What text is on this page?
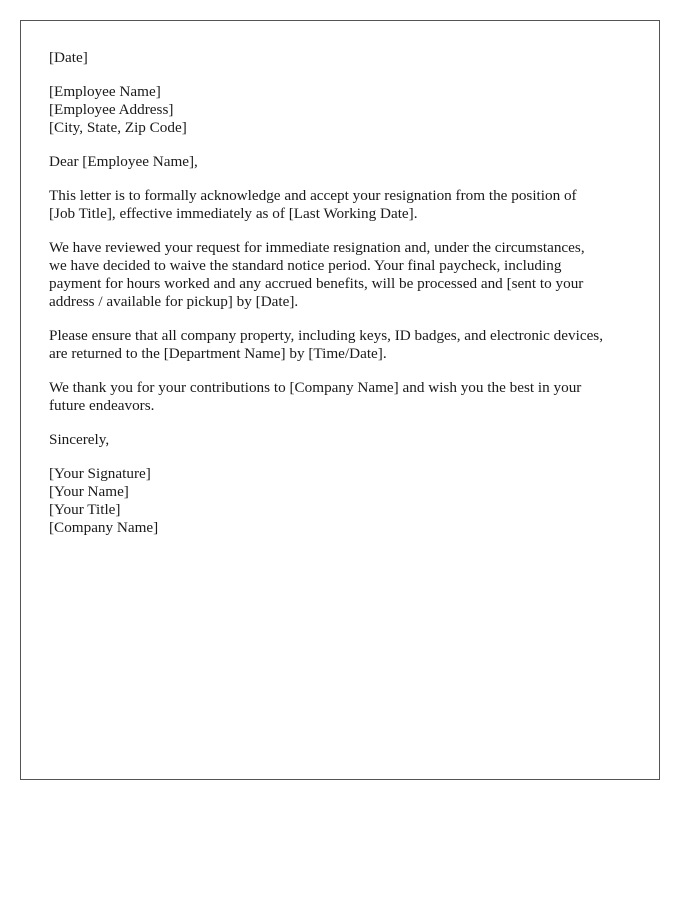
[Date]
[Employee Name]
[Employee Address]
[City, State, Zip Code]
Dear [Employee Name],
This letter is to formally acknowledge and accept your resignation from the position of
[Job Title], effective immediately as of [Last Working Date].
We have reviewed your request for immediate resignation and, under the circumstances,
we have decided to waive the standard notice period. Your final paycheck, including
payment for hours worked and any accrued benefits, will be processed and [sent to your
address / available for pickup] by [Date].
Please ensure that all company property, including keys, ID badges, and electronic devices,
are returned to the [Department Name] by [Time/Date].
We thank you for your contributions to [Company Name] and wish you the best in your
future endeavors.
Sincerely,
[Your Signature]
[Your Name]
[Your Title]
[Company Name]
